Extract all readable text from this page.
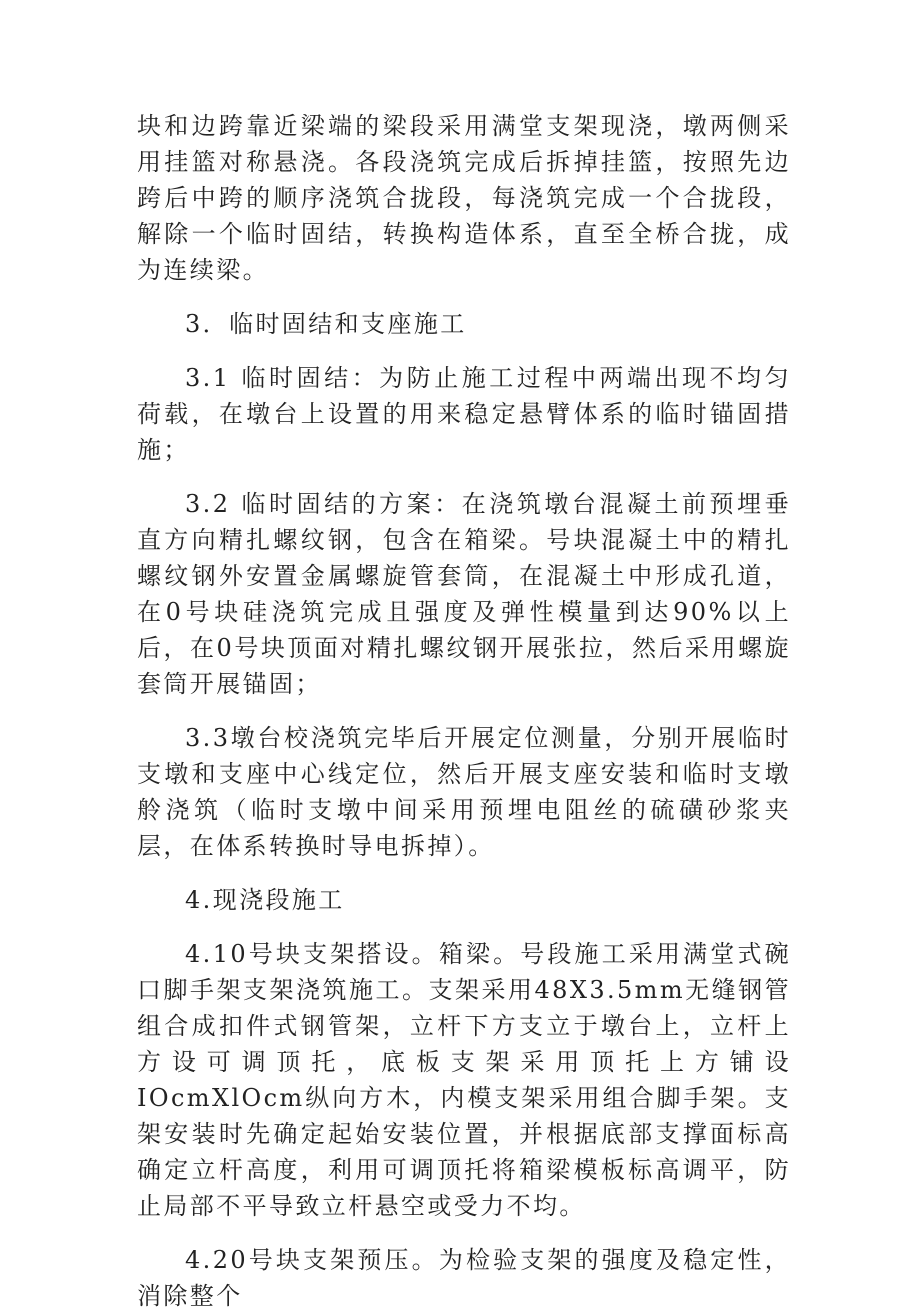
块和边跨靠近梁端的梁段采用满堂支架现浇，墩两侧采用挂篮对称悬浇。各段浇筑完成后拆掉挂篮，按照先边跨后中跨的顺序浇筑合拢段，每浇筑完成一个合拢段，解除一个临时固结，转换构造体系，直至全桥合拢，成为连续梁。

3．临时固结和支座施工

3.1 临时固结：为防止施工过程中两端出现不均匀荷载，在墩台上设置的用来稳定悬臂体系的临时锚固措施；

3.2 临时固结的方案：在浇筑墩台混凝土前预埋垂直方向精扎螺纹钢，包含在箱梁。号块混凝土中的精扎螺纹钢外安置金属螺旋管套筒，在混凝土中形成孔道，在0号块硅浇筑完成且强度及弹性模量到达90%以上后，在0号块顶面对精扎螺纹钢开展张拉，然后采用螺旋套筒开展锚固；

3.3墩台校浇筑完毕后开展定位测量，分别开展临时支墩和支座中心线定位，然后开展支座安装和临时支墩舲浇筑（临时支墩中间采用预埋电阻丝的硫磺砂浆夹层，在体系转换时导电拆掉）。

4.现浇段施工

4.10号块支架搭设。箱梁。号段施工采用满堂式碗口脚手架支架浇筑施工。支架采用48X3.5mm无缝钢管组合成扣件式钢管架，立杆下方支立于墩台上，立杆上方设可调顶托，底板支架采用顶托上方铺设IOcmXlOcm纵向方木，内模支架采用组合脚手架。支架安装时先确定起始安装位置，并根据底部支撑面标高确定立杆高度，利用可调顶托将箱梁模板标高调平，防止局部不平导致立杆悬空或受力不均。

4.20号块支架预压。为检验支架的强度及稳定性，消除整个
